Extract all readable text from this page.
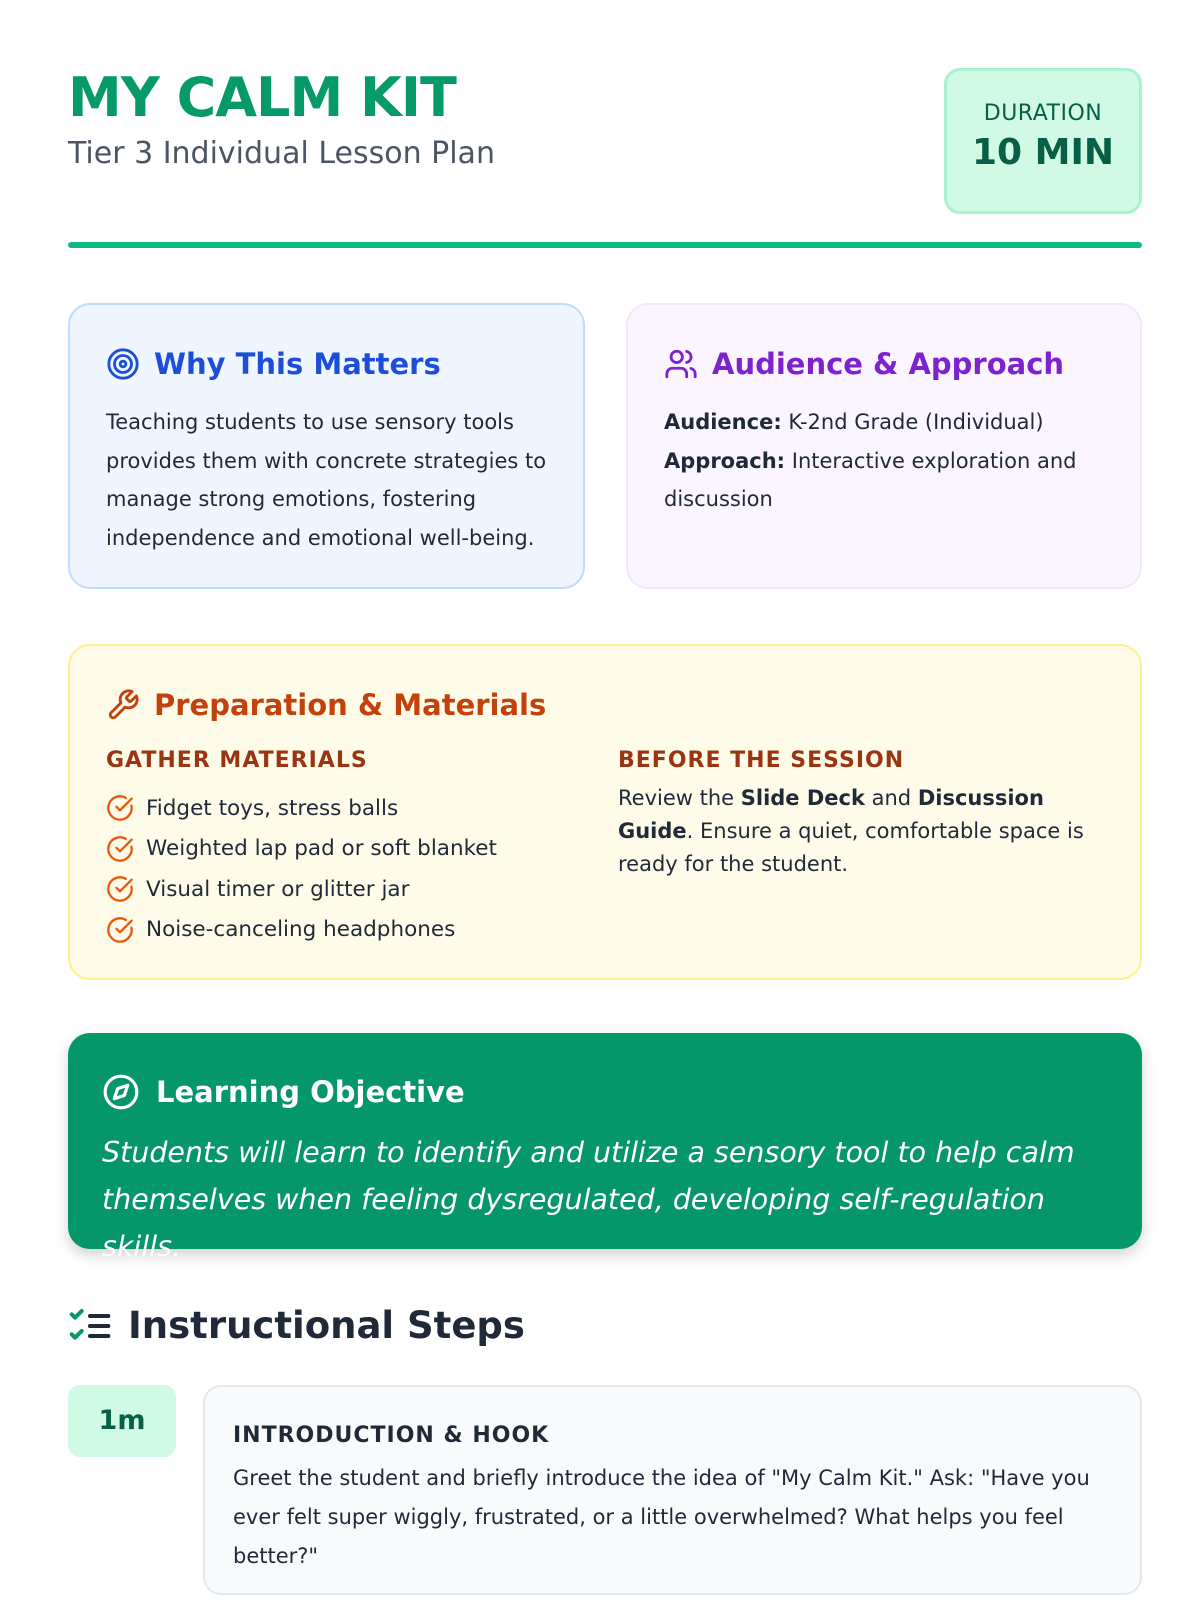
MY CALM KIT
Tier 3 Individual Lesson Plan
DURATION
10 MIN
Why This Matters
Teaching students to use sensory tools provides them with concrete strategies to manage strong emotions, fostering independence and emotional well-being.
Audience & Approach
Audience: K-2nd Grade (Individual)
Approach: Interactive exploration and discussion
Preparation & Materials
GATHER MATERIALS
Fidget toys, stress balls
Weighted lap pad or soft blanket
Visual timer or glitter jar
Noise-canceling headphones
BEFORE THE SESSION
Review the Slide Deck and Discussion Guide. Ensure a quiet, comfortable space is ready for the student.
Learning Objective
Students will learn to identify and utilize a sensory tool to help calm themselves when feeling dysregulated, developing self-regulation skills.
Instructional Steps
1m	INTRODUCTION & HOOK
Greet the student and briefly introduce the idea of "My Calm Kit." Ask: "Have you ever felt super wiggly, frustrated, or a little overwhelmed? What helps you feel better?"
